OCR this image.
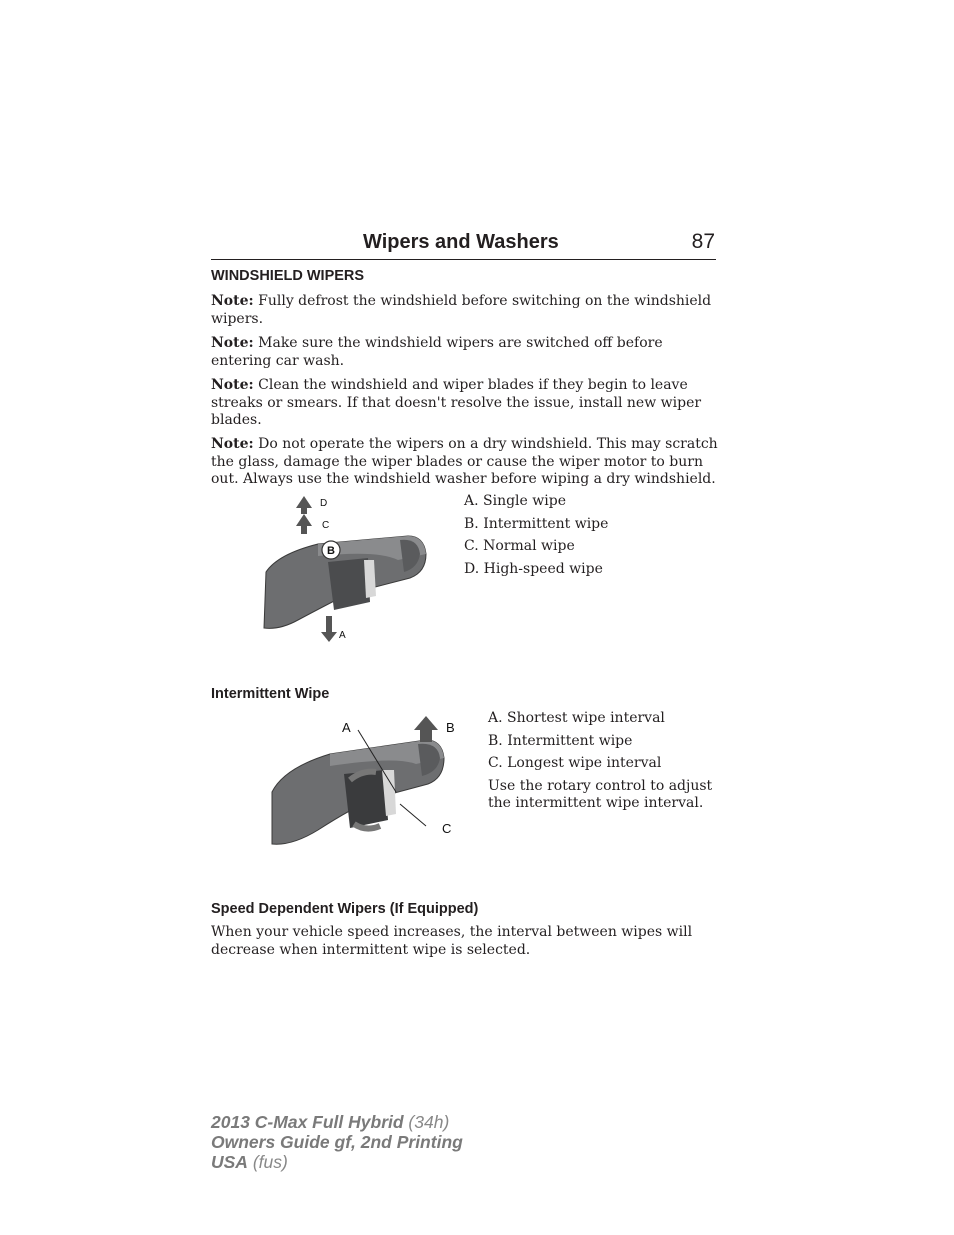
Wipers and Washers	87
WINDSHIELD WIPERS
Note: Fully defrost the windshield before switching on the windshield wipers.
Note: Make sure the windshield wipers are switched off before entering car wash.
Note: Clean the windshield and wiper blades if they begin to leave streaks or smears. If that doesn't resolve the issue, install new wiper blades.
Note: Do not operate the wipers on a dry windshield. This may scratch the glass, damage the wiper blades or cause the wiper motor to burn out. Always use the windshield washer before wiping a dry windshield.
B
D
C
A
A. Single wipe
B. Intermittent wipe
C. Normal wipe
D. High-speed wipe
Intermittent Wipe
A	B
C
A. Shortest wipe interval
B. Intermittent wipe
C. Longest wipe interval
Use the rotary control to adjust the intermittent wipe interval.
Speed Dependent Wipers (If Equipped)
When your vehicle speed increases, the interval between wipes will decrease when intermittent wipe is selected.
2013 C-Max Full Hybrid (34h)
Owners Guide gf, 2nd Printing
USA (fus)
